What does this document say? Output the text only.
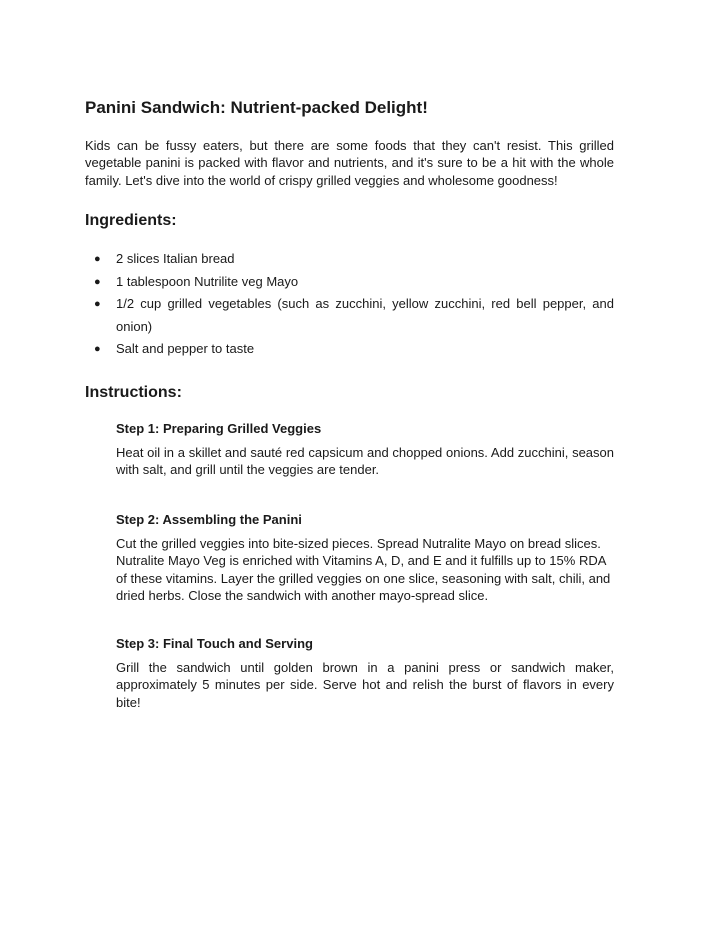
Panini Sandwich: Nutrient-packed Delight!

Kids can be fussy eaters, but there are some foods that they can't resist. This grilled vegetable panini is packed with flavor and nutrients, and it's sure to be a hit with the whole family. Let's dive into the world of crispy grilled veggies and wholesome goodness!

Ingredients:
● 2 slices Italian bread
● 1 tablespoon Nutrilite veg Mayo
● 1/2 cup grilled vegetables (such as zucchini, yellow zucchini, red bell pepper, and onion)
● Salt and pepper to taste
Instructions:
Step 1: Preparing Grilled Veggies

Heat oil in a skillet and sauté red capsicum and chopped onions. Add zucchini, season with salt, and grill until the veggies are tender.

Step 2: Assembling the Panini

Cut the grilled veggies into bite-sized pieces. Spread Nutralite Mayo on bread slices. Nutralite Mayo Veg is enriched with Vitamins A, D, and E and it fulfills up to 15% RDA of these vitamins. Layer the grilled veggies on one slice, seasoning with salt, chili, and dried herbs. Close the sandwich with another mayo-spread slice.

Step 3: Final Touch and Serving

Grill the sandwich until golden brown in a panini press or sandwich maker, approximately 5 minutes per side. Serve hot and relish the burst of flavors in every bite!
